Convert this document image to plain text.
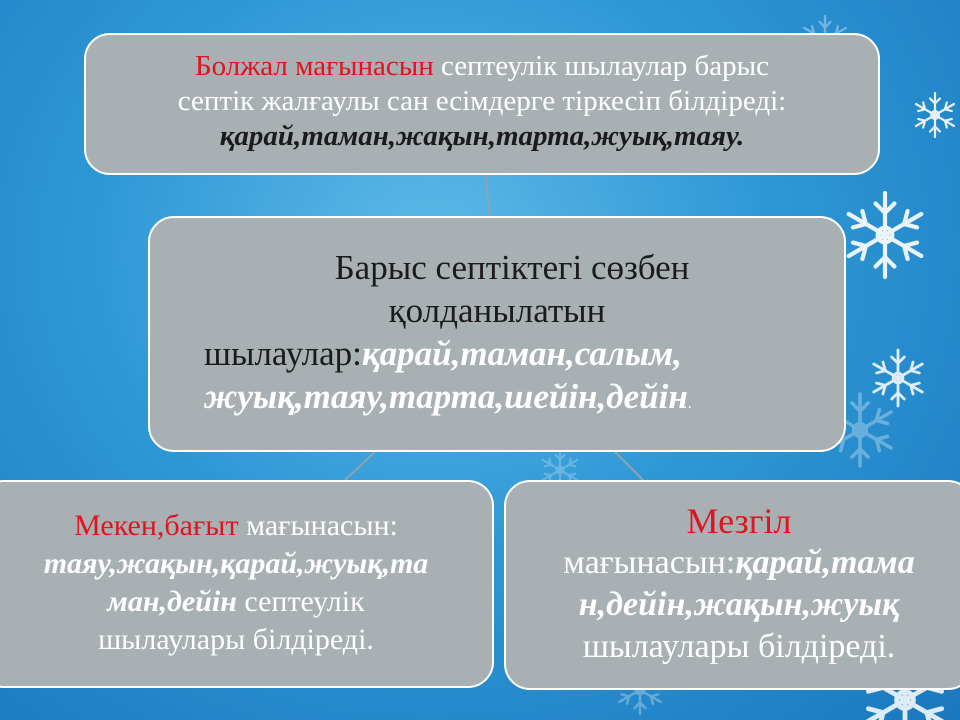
Болжал мағынасын септеулік шылаулар барыс
септік жалғаулы сан есімдерге тіркесіп білдіреді:
қарай,таман,жақын,тарта,жуық,таяу.
Барыс септіктегі сөзбен
қолданылатын
шылаулар:қарай,таман,салым,
жуық,таяу,тарта,шейін,дейін.
Мекен,бағыт мағынасын:
таяу,жақын,қарай,жуық,та
ман,дейін септеулік
шылаулары білдіреді.
Мезгіл
мағынасын:қарай,тама
н,дейін,жақын,жуық
шылаулары білдіреді.
